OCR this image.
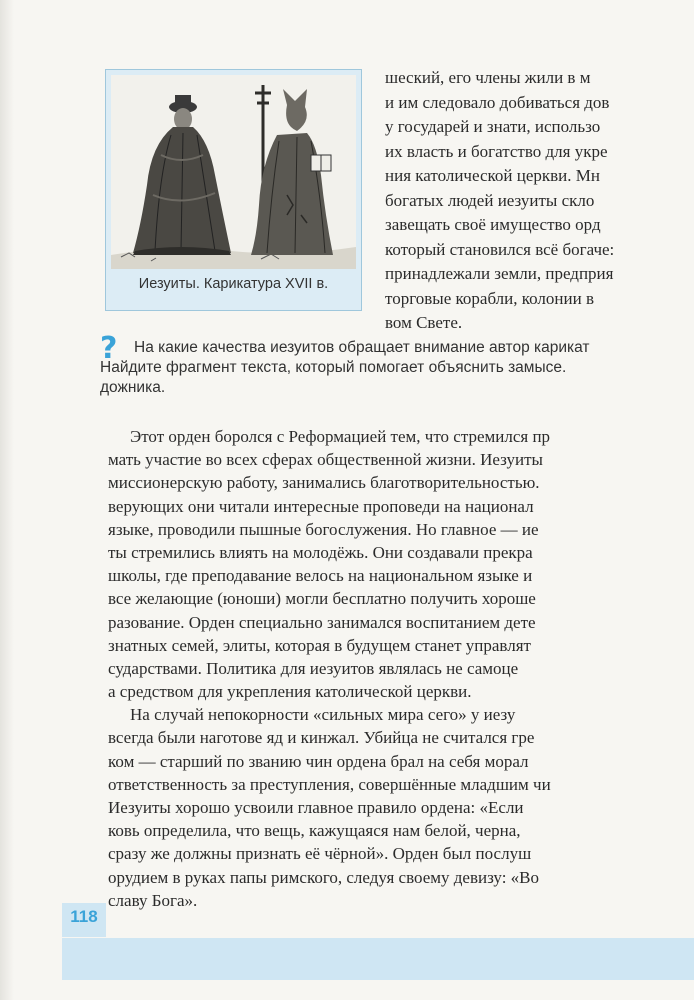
Иезуиты. Карикатура XVII в.
шеский, его члены жили в м
и им следовало добиваться дов
у государей и знати, использо
их власть и богатство для укре
ния католической церкви. Мн
богатых людей иезуиты скло
завещать своё имущество орд
который становился всё богаче:
принадлежали земли, предприя
торговые корабли, колонии в
вом Свете.
?	На какие качества иезуитов обращает внимание автор карикат
Найдите фрагмент текста, который помогает объяснить замысе.
дожника.
Этот орден боролся с Реформацией тем, что стремился пр
мать участие во всех сферах общественной жизни. Иезуиты
миссионерскую работу, занимались благотворительностью.
верующих они читали интересные проповеди на национал
языке, проводили пышные богослужения. Но главное — ие
ты стремились влиять на молодёжь. Они создавали прекра
школы, где преподавание велось на национальном языке и
все желающие (юноши) могли бесплатно получить хороше
разование. Орден специально занимался воспитанием дете
знатных семей, элиты, которая в будущем станет управлят
сударствами. Политика для иезуитов являлась не самоце
а средством для укрепления католической церкви.
На случай непокорности «сильных мира сего» у иезу
всегда были наготове яд и кинжал. Убийца не считался гре
ком — старший по званию чин ордена брал на себя морал
ответственность за преступления, совершённые младшим чи
Иезуиты хорошо усвоили главное правило ордена: «Если
ковь определила, что вещь, кажущаяся нам белой, черна,
сразу же должны признать её чёрной». Орден был послуш
орудием в руках папы римского, следуя своему девизу: «Во
славу Бога».
118
